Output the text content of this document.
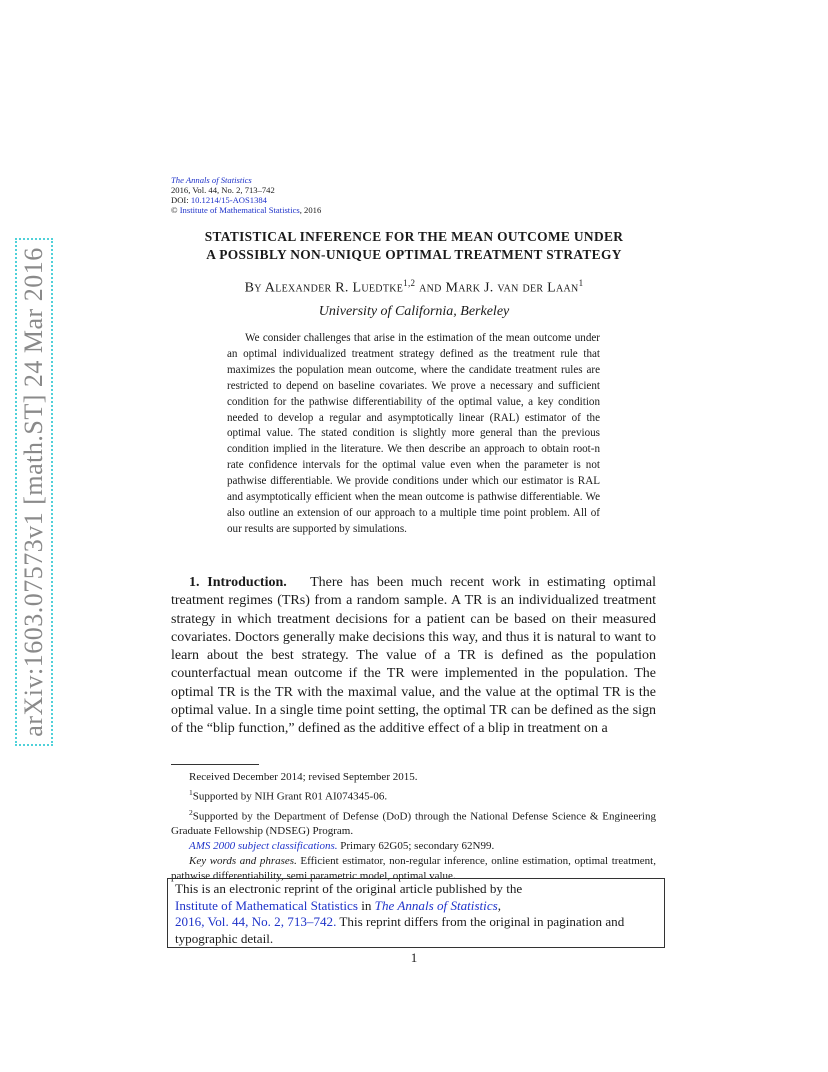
arXiv:1603.07573v1 [math.ST] 24 Mar 2016
The Annals of Statistics
2016, Vol. 44, No. 2, 713–742
DOI: 10.1214/15-AOS1384
© Institute of Mathematical Statistics, 2016
STATISTICAL INFERENCE FOR THE MEAN OUTCOME UNDER
A POSSIBLY NON-UNIQUE OPTIMAL TREATMENT STRATEGY
By Alexander R. Luedtke$^{1,2}$ and Mark J. van der Laan$^1$
University of California, Berkeley
We consider challenges that arise in the estimation of the mean outcome under an optimal individualized treatment strategy defined as the treatment rule that maximizes the population mean outcome, where the candidate treatment rules are restricted to depend on baseline covariates. We prove a necessary and sufficient condition for the pathwise differentiability of the optimal value, a key condition needed to develop a regular and asymptotically linear (RAL) estimator of the optimal value. The stated condition is slightly more general than the previous condition implied in the literature. We then describe an approach to obtain root-n rate confidence intervals for the optimal value even when the parameter is not pathwise differentiable. We provide conditions under which our estimator is RAL and asymptotically efficient when the mean outcome is pathwise differentiable. We also outline an extension of our approach to a multiple time point problem. All of our results are supported by simulations.
1. Introduction. There has been much recent work in estimating optimal treatment regimes (TRs) from a random sample. A TR is an individualized treatment strategy in which treatment decisions for a patient can be based on their measured covariates. Doctors generally make decisions this way, and thus it is natural to want to learn about the best strategy. The value of a TR is defined as the population counterfactual mean outcome if the TR were implemented in the population. The optimal TR is the TR with the maximal value, and the value at the optimal TR is the optimal value. In a single time point setting, the optimal TR can be defined as the sign of the “blip function,” defined as the additive effect of a blip in treatment on a

Received December 2014; revised September 2015.

$^1$Supported by NIH Grant R01 AI074345-06.

$^2$Supported by the Department of Defense (DoD) through the National Defense Science & Engineering Graduate Fellowship (NDSEG) Program.

AMS 2000 subject classifications. Primary 62G05; secondary 62N99.

Key words and phrases. Efficient estimator, non-regular inference, online estimation, optimal treatment, pathwise differentiability, semi parametric model, optimal value.

This is an electronic reprint of the original article published by the
Institute of Mathematical Statistics in The Annals of Statistics,
2016, Vol. 44, No. 2, 713–742. This reprint differs from the original in pagination and typographic detail.
1
